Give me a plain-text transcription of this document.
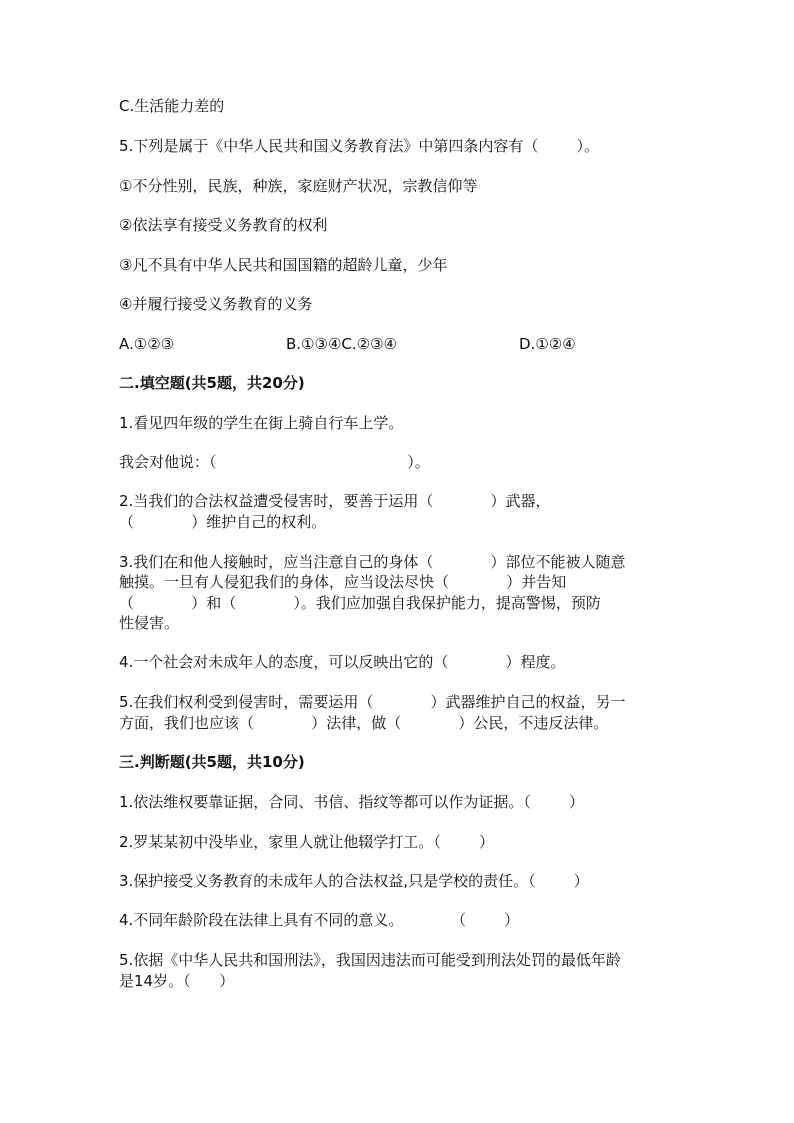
C.生活能力差的
5.下列是属于《中华人民共和国义务教育法》中第四条内容有（        ）。
①不分性别，民族，种族，家庭财产状况，宗教信仰等
②依法享有接受义务教育的权利
③凡不具有中华人民共和国国籍的超龄儿童，少年
④并履行接受义务教育的义务
A.①②③	B.①③④C.②③④	D.①②④
二.填空题(共5题，共20分)
1.看见四年级的学生在街上骑自行车上学。
我会对他说：（                                        ）。
2.当我们的合法权益遭受侵害时，要善于运用（            ）武器，
（            ）维护自己的权利。
3.我们在和他人接触时，应当注意自己的身体（            ）部位不能被人随意
触摸。一旦有人侵犯我们的身体，应当设法尽快（            ）并告知
（            ）和（            ）。我们应加强自我保护能力，提高警惕，预防
性侵害。
4.一个社会对未成年人的态度，可以反映出它的（            ）程度。
5.在我们权利受到侵害时，需要运用（            ）武器维护自己的权益，另一
方面，我们也应该（            ）法律，做（            ）公民，不违反法律。
三.判断题(共5题，共10分)
1.依法维权要靠证据，合同、书信、指纹等都可以作为证据。（        ）
2.罗某某初中没毕业，家里人就让他辍学打工。（        ）
3.保护接受义务教育的未成年人的合法权益,只是学校的责任。（        ）
4.不同年龄阶段在法律上具有不同的意义。          （        ）
5.依据《中华人民共和国刑法》，我国因违法而可能受到刑法处罚的最低年龄
是14岁。（      ）
